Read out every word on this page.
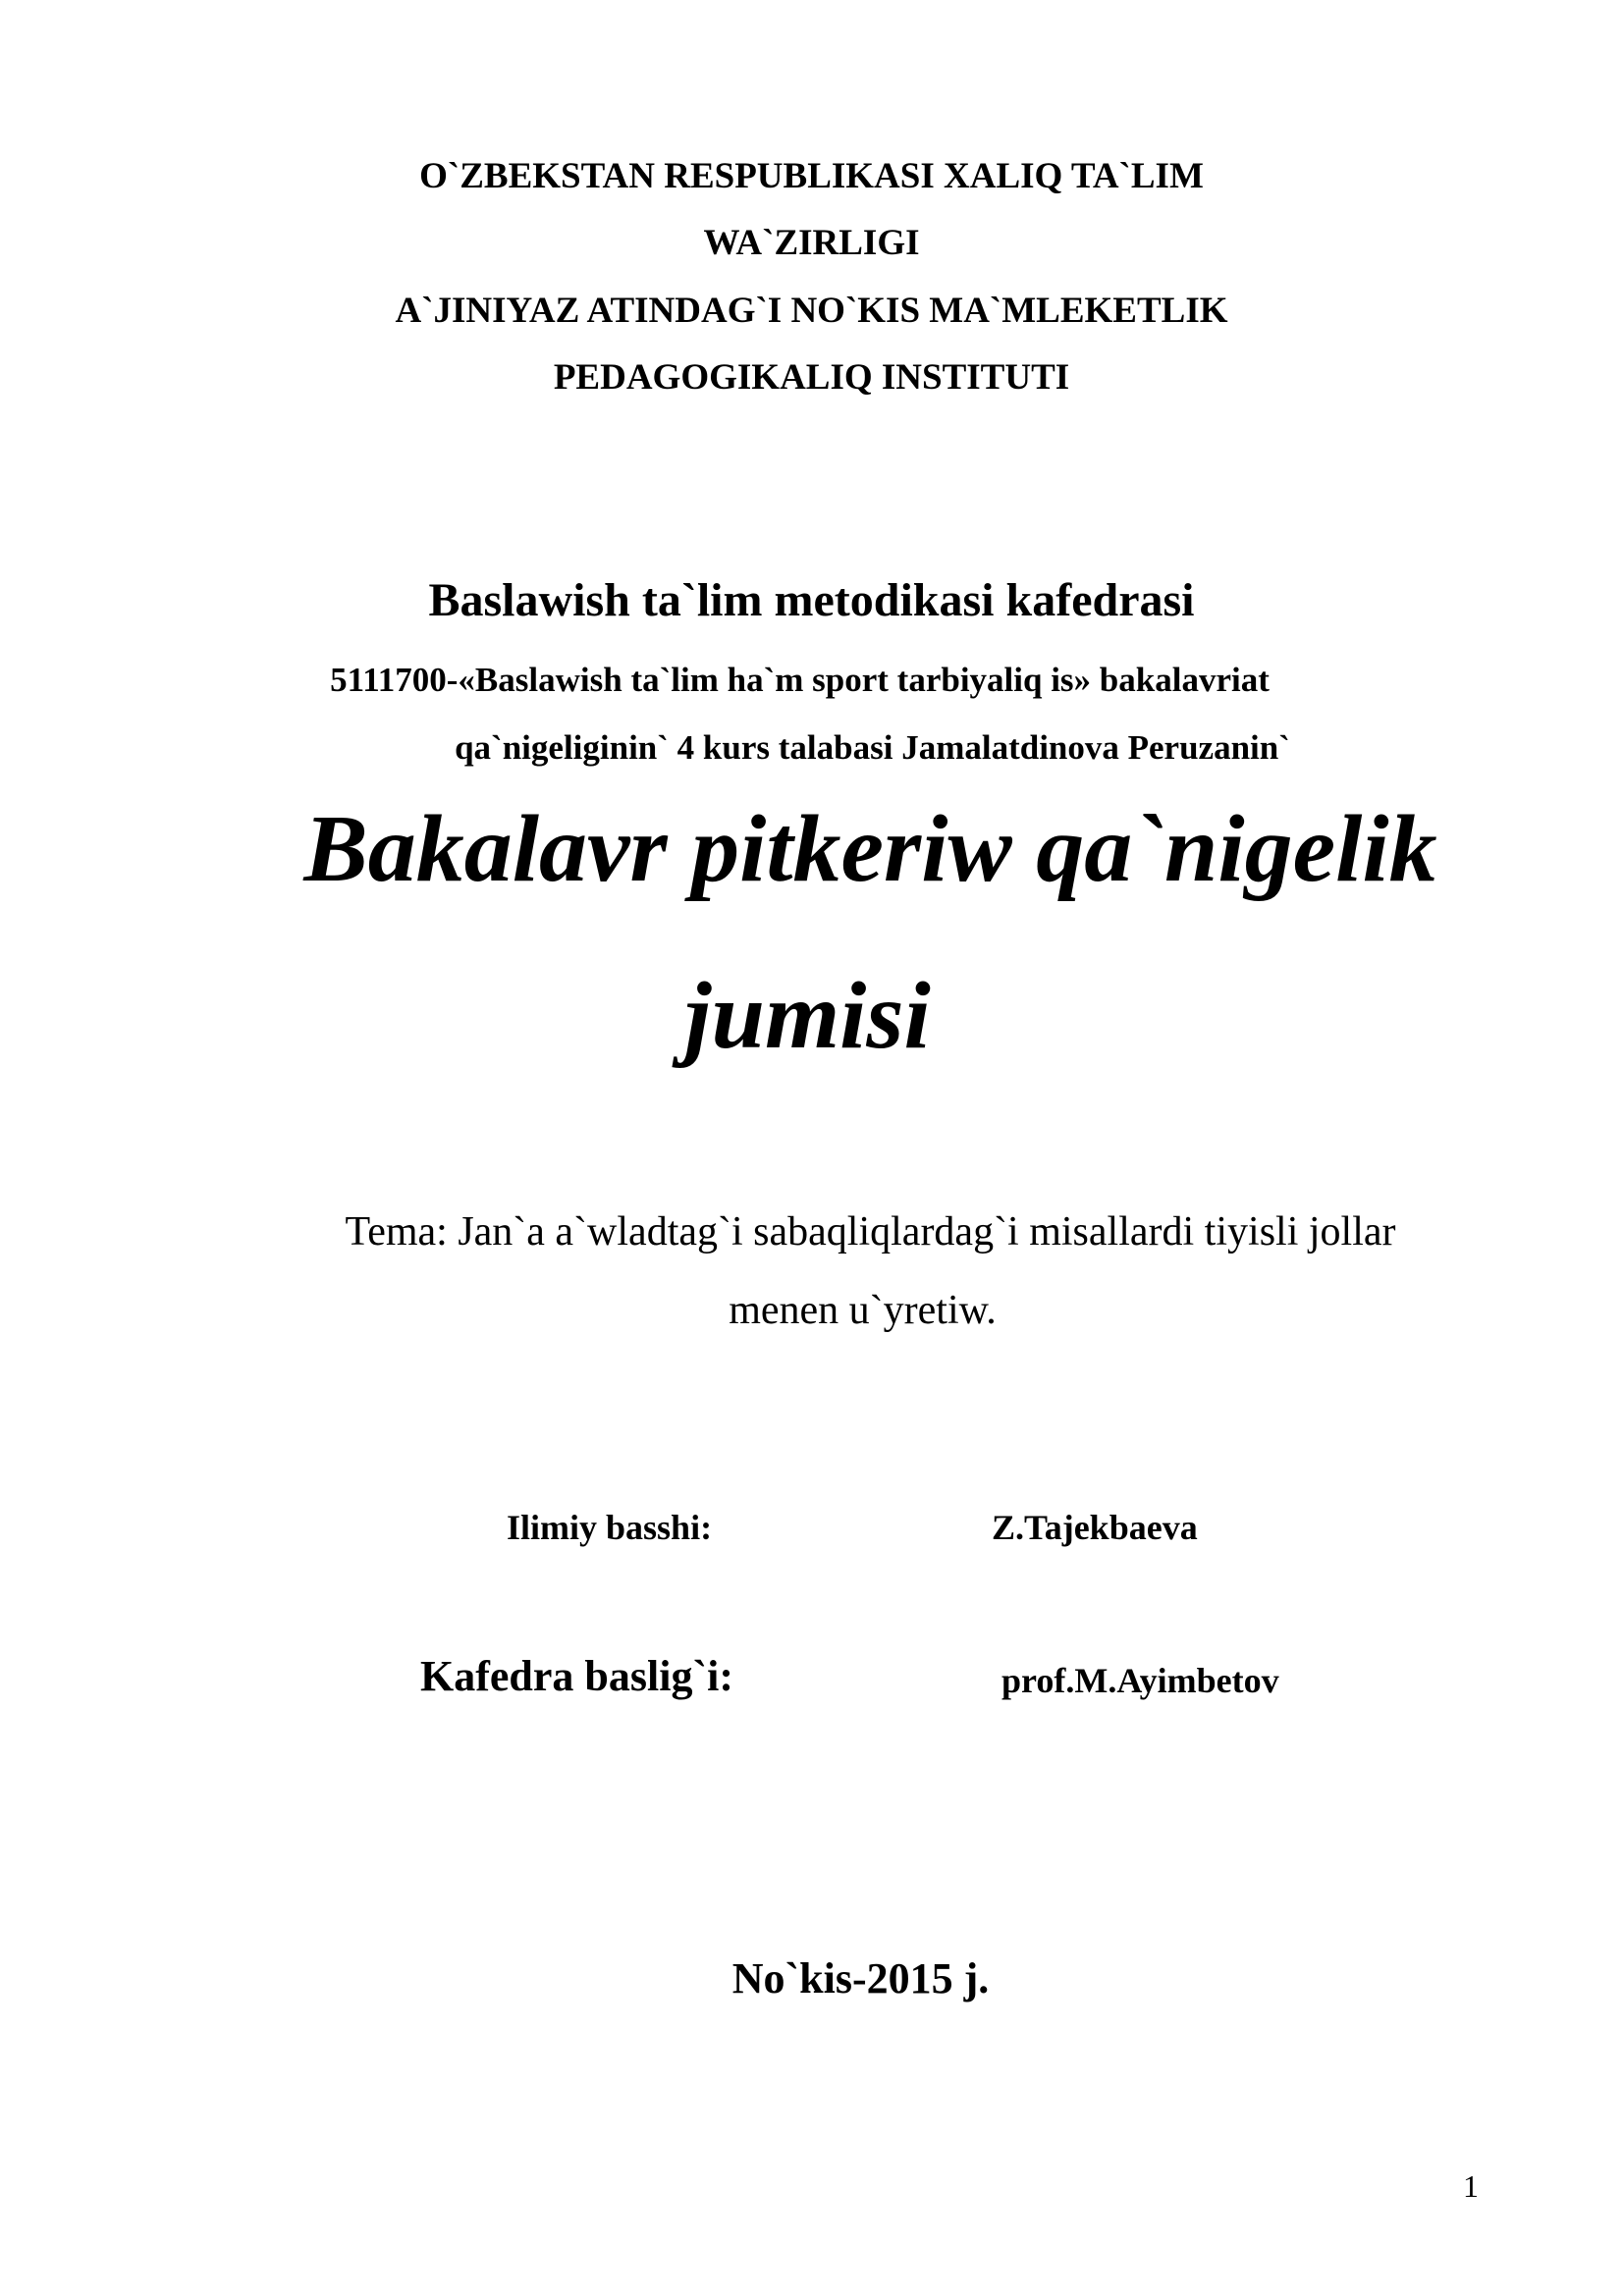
O`ZBEKSTAN RESPUBLIKASI XALIQ TA`LIM
WA`ZIRLIGI
A`JINIYAZ ATINDAG`I NO`KIS MA`MLEKETLIK
PEDAGOGIKALIQ INSTITUTI
Baslawish ta`lim metodikasi kafedrasi
5111700-«Baslawish ta`lim ha`m sport tarbiyaliq is» bakalavriat
qa`nigeliginin` 4 kurs talabasi Jamalatdinova Peruzanin`
Bakalavr pitkeriw qa`nigelik
jumisi
Tema: Jan`a a`wladtag`i sabaqliqlardag`i misallardi tiyisli jollar
menen u`yretiw.
Ilimiy basshi:	Z.Tajekbaeva
Kafedra baslig`i:	prof.M.Ayimbetov
No`kis-2015 j.
1
